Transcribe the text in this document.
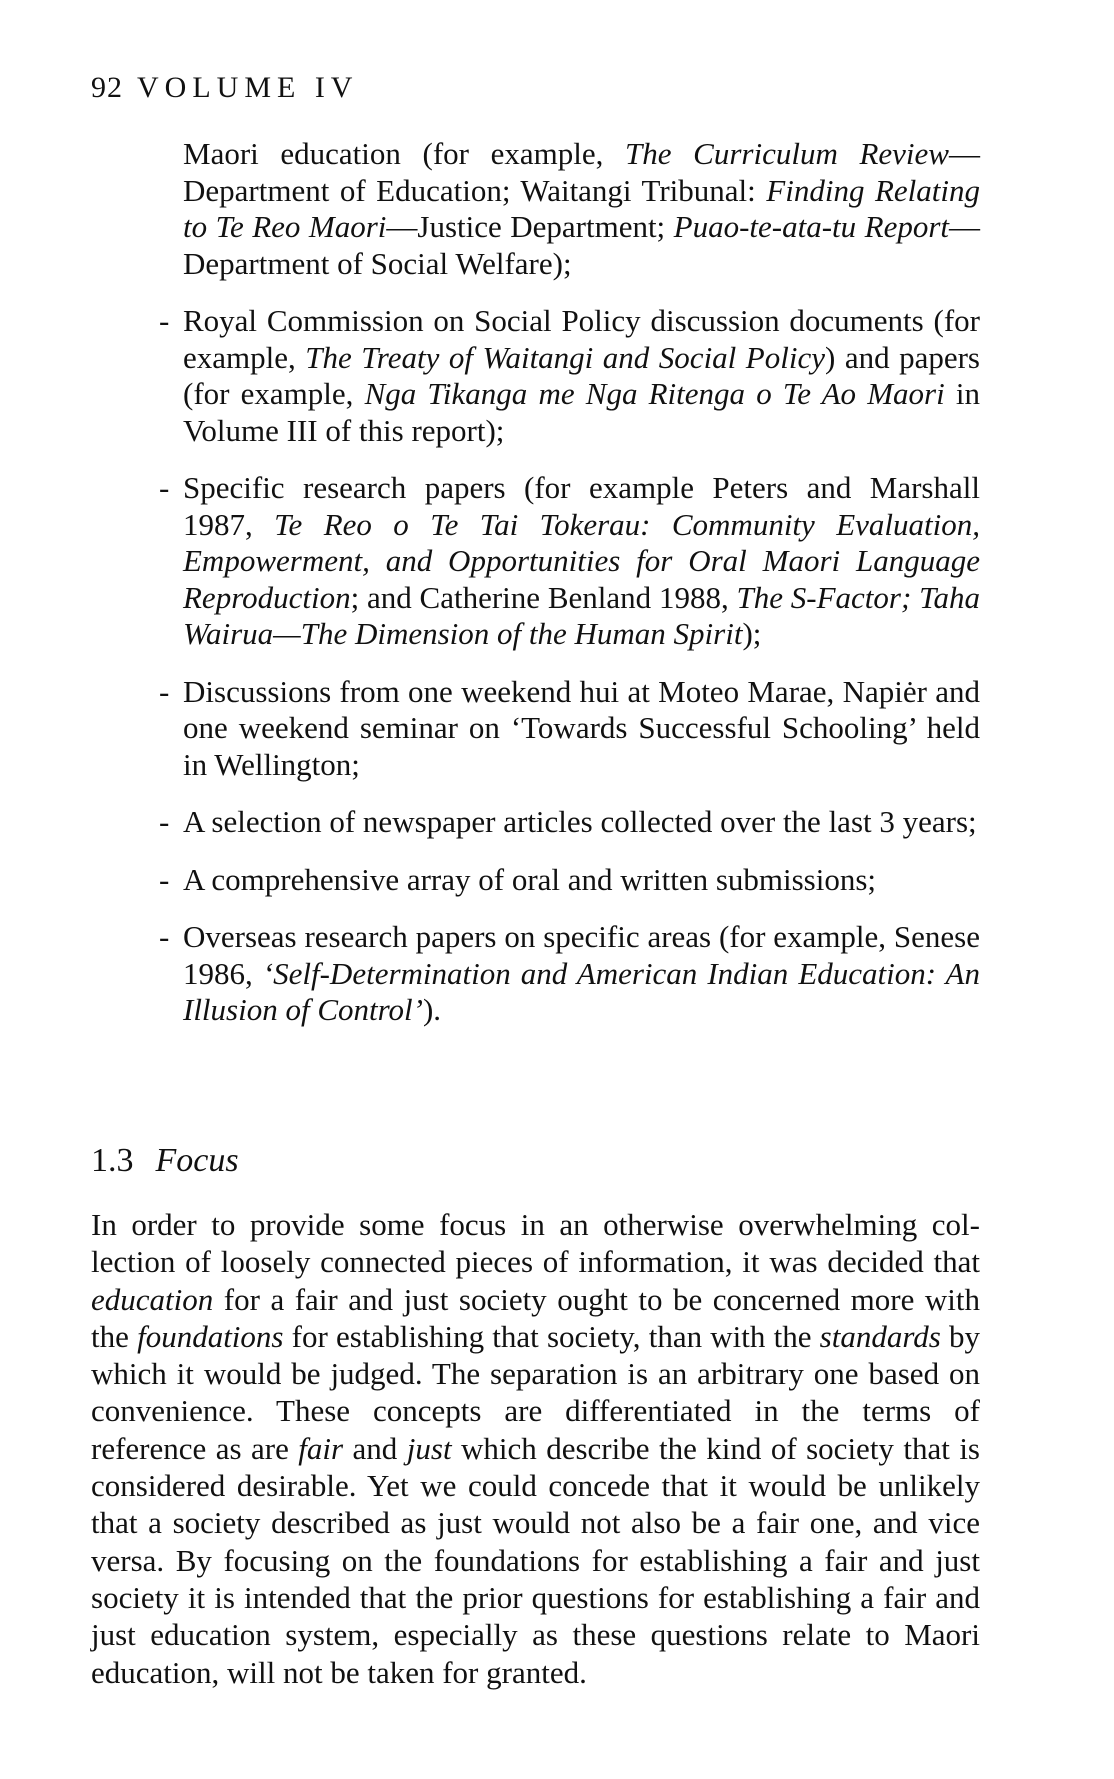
92 VOLUME IV

Maori education (for example, The Curriculum Review—Department of Education; Waitangi Tribunal: Finding Relating to Te Reo Maori—Justice Department; Puao-te-ata-tu Report—Department of Social Welfare);

- Royal Commission on Social Policy discussion documents (for example, The Treaty of Waitangi and Social Policy) and papers (for example, Nga Tikanga me Nga Ritenga o Te Ao Maori in Volume III of this report);
- Specific research papers (for example Peters and Marshall 1987, Te Reo o Te Tai Tokerau: Community Evaluation, Empowerment, and Opportunities for Oral Maori Language Reproduction; and Catherine Benland 1988, The S-Factor; Taha Wairua—The Dimension of the Human Spirit);
- Discussions from one weekend hui at Moteo Marae, Napiėr and one weekend seminar on ‘Towards Successful Schooling’ held in Wellington;
- A selection of newspaper articles collected over the last 3 years;
- A comprehensive array of oral and written submissions;
- Overseas research papers on specific areas (for example, Senese 1986, ‘Self-Determination and American Indian Education: An Illusion of Control’).
1.3 Focus

In order to provide some focus in an otherwise overwhelming collection of loosely connected pieces of information, it was decided that education for a fair and just society ought to be concerned more with the foundations for establishing that society, than with the standards by which it would be judged. The separation is an arbitrary one based on convenience. These concepts are differentiated in the terms of reference as are fair and just which describe the kind of society that is considered desirable. Yet we could concede that it would be unlikely that a society described as just would not also be a fair one, and vice versa. By focusing on the foundations for establishing a fair and just society it is intended that the prior questions for establishing a fair and just education system, especially as these questions relate to Maori education, will not be taken for granted.
